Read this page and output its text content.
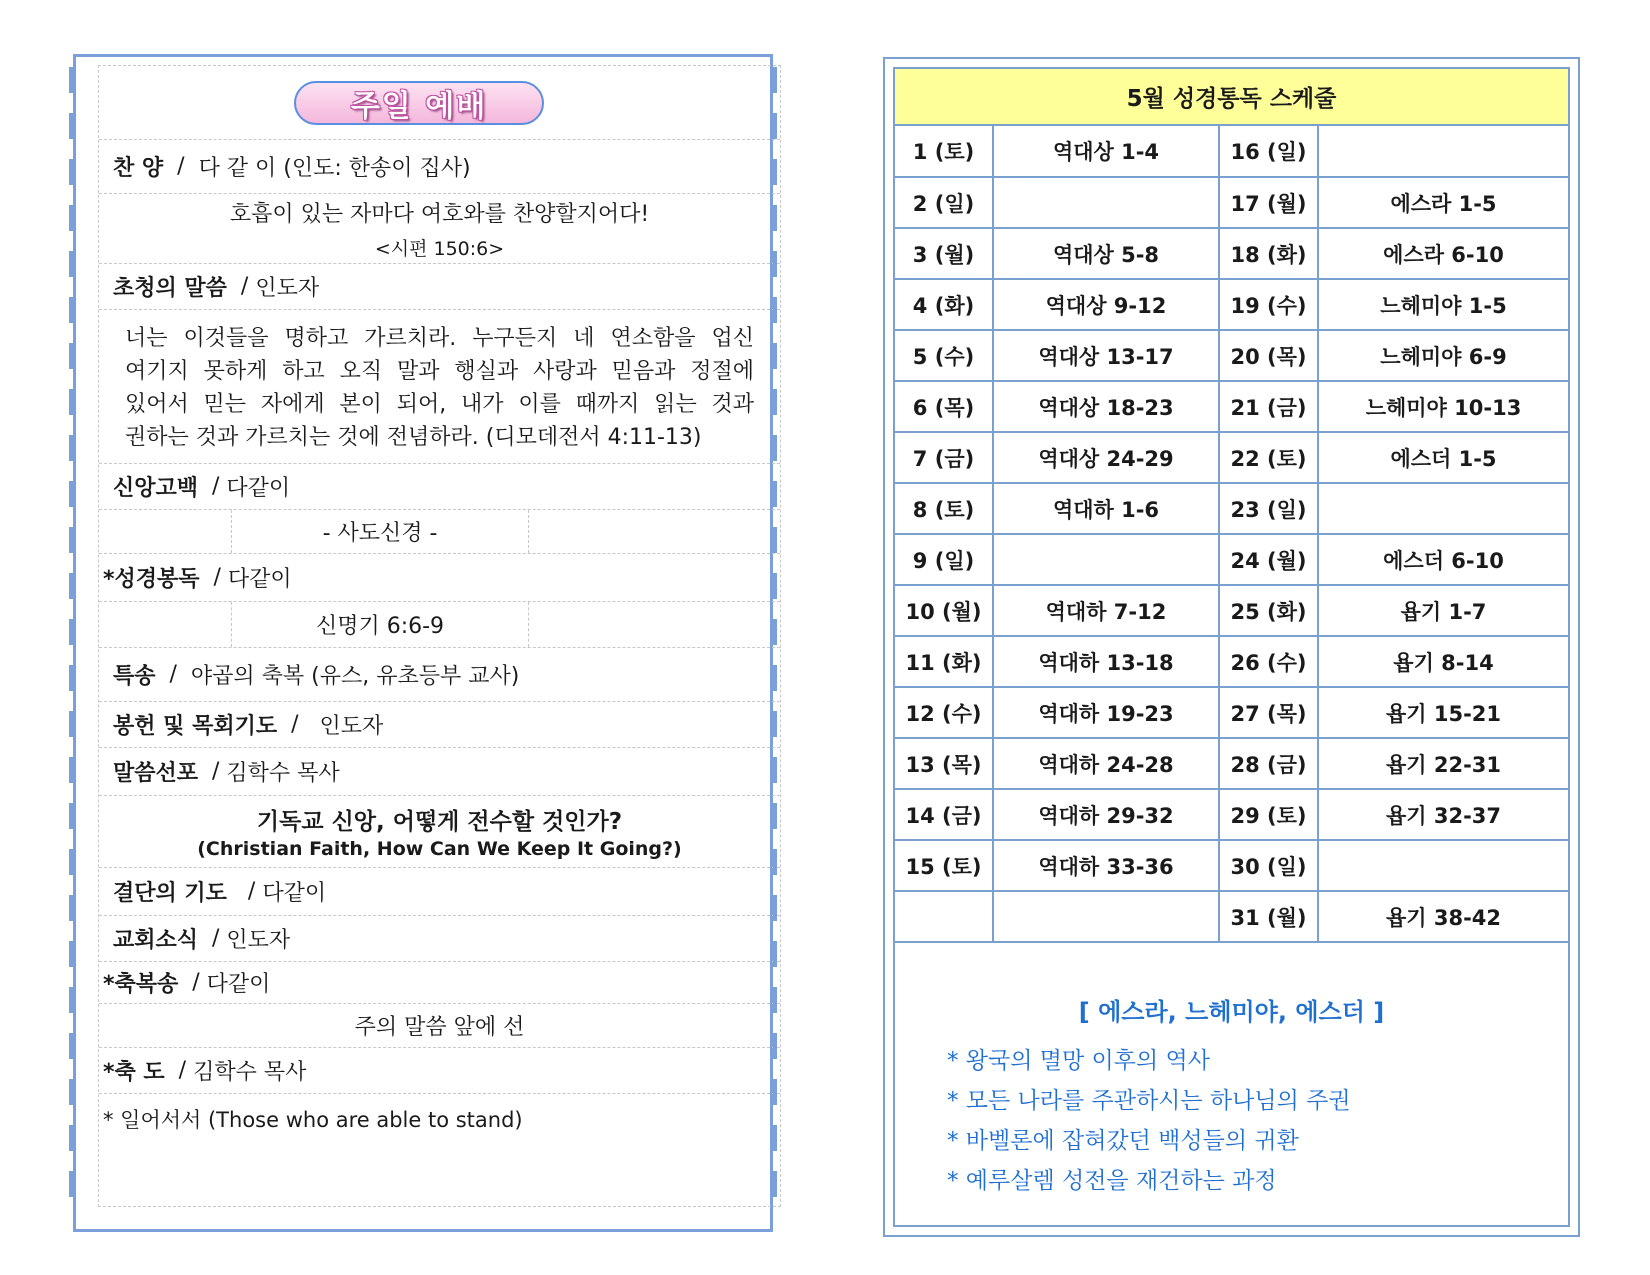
주일 예배
찬 양 / 다 같 이 (인도: 한송이 집사)
호흡이 있는 자마다 여호와를 찬양할지어다!
<시편 150:6>
초청의 말씀 / 인도자
너는 이것들을 명하고 가르치라. 누구든지 네 연소함을 업신
여기지 못하게 하고 오직 말과 행실과 사랑과 믿음과 정절에
있어서 믿는 자에게 본이 되어, 내가 이를 때까지 읽는 것과
권하는 것과 가르치는 것에 전념하라. (디모데전서 4:11-13)
신앙고백 / 다같이
- 사도신경 -
*성경봉독 / 다같이
신명기 6:6-9
특송 / 야곱의 축복 (유스, 유초등부 교사)
봉헌 및 목회기도 / 인도자
말씀선포 / 김학수 목사
기독교 신앙, 어떻게 전수할 것인가?
(Christian Faith, How Can We Keep It Going?)
결단의 기도 / 다같이
교회소식 / 인도자
*축복송 / 다같이
주의 말씀 앞에 선
*축 도 / 김학수 목사
* 일어서서 (Those who are able to stand)
5월 성경통독 스케줄
1 (토)	역대상 1-4	16 (일)	
2 (일)		17 (월)	에스라 1-5
3 (월)	역대상 5-8	18 (화)	에스라 6-10
4 (화)	역대상 9-12	19 (수)	느헤미야 1-5
5 (수)	역대상 13-17	20 (목)	느헤미야 6-9
6 (목)	역대상 18-23	21 (금)	느헤미야 10-13
7 (금)	역대상 24-29	22 (토)	에스더 1-5
8 (토)	역대하 1-6	23 (일)	
9 (일)		24 (월)	에스더 6-10
10 (월)	역대하 7-12	25 (화)	욥기 1-7
11 (화)	역대하 13-18	26 (수)	욥기 8-14
12 (수)	역대하 19-23	27 (목)	욥기 15-21
13 (목)	역대하 24-28	28 (금)	욥기 22-31
14 (금)	역대하 29-32	29 (토)	욥기 32-37
15 (토)	역대하 33-36	30 (일)	
		31 (월)	욥기 38-42
[ 에스라, 느헤미야, 에스더 ]
* 왕국의 멸망 이후의 역사
* 모든 나라를 주관하시는 하나님의 주권
* 바벨론에 잡혀갔던 백성들의 귀환
* 예루살렘 성전을 재건하는 과정
